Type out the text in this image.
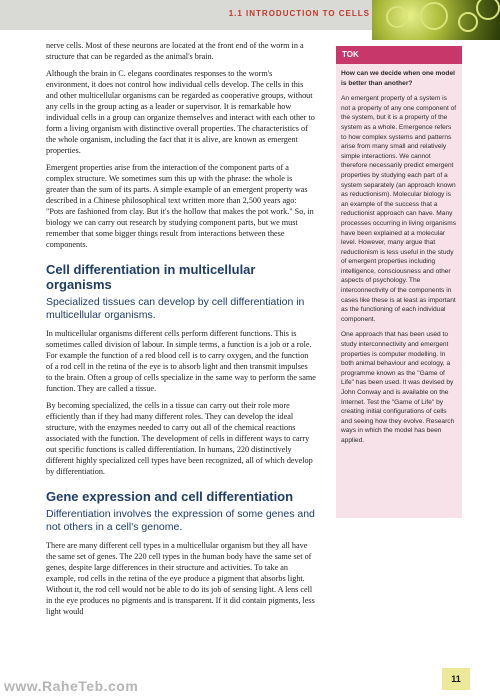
1.1 INTRODUCTION TO CELLS

nerve cells. Most of these neurons are located at the front end of the worm in a structure that can be regarded as the animal's brain.

Although the brain in C. elegans coordinates responses to the worm's environment, it does not control how individual cells develop. The cells in this and other multicellular organisms can be regarded as cooperative groups, without any cells in the group acting as a leader or supervisor. It is remarkable how individual cells in a group can organize themselves and interact with each other to form a living organism with distinctive overall properties. The characteristics of the whole organism, including the fact that it is alive, are known as emergent properties.

Emergent properties arise from the interaction of the component parts of a complex structure. We sometimes sum this up with the phrase: the whole is greater than the sum of its parts. A simple example of an emergent property was described in a Chinese philosophical text written more than 2,500 years ago: "Pots are fashioned from clay. But it's the hollow that makes the pot work." So, in biology we can carry out research by studying component parts, but we must remember that some bigger things result from interactions between these components.

Cell differentiation in multicellular organisms
Specialized tissues can develop by cell differentiation in multicellular organisms.

In multicellular organisms different cells perform different functions. This is sometimes called division of labour. In simple terms, a function is a job or a role. For example the function of a red blood cell is to carry oxygen, and the function of a rod cell in the retina of the eye is to absorb light and then transmit impulses to the brain. Often a group of cells specialize in the same way to perform the same function. They are called a tissue.

By becoming specialized, the cells in a tissue can carry out their role more efficiently than if they had many different roles. They can develop the ideal structure, with the enzymes needed to carry out all of the chemical reactions associated with the function. The development of cells in different ways to carry out specific functions is called differentiation. In humans, 220 distinctively different highly specialized cell types have been recognized, all of which develop by differentiation.

Gene expression and cell differentiation
Differentiation involves the expression of some genes and not others in a cell's genome.

There are many different cell types in a multicellular organism but they all have the same set of genes. The 220 cell types in the human body have the same set of genes, despite large differences in their structure and activities. To take an example, rod cells in the retina of the eye produce a pigment that absorbs light. Without it, the rod cell would not be able to do its job of sensing light. A lens cell in the eye produces no pigments and is transparent. If it did contain pigments, less light would

TOK

How can we decide when one model is better than another?

An emergent property of a system is not a property of any one component of the system, but it is a property of the system as a whole. Emergence refers to how complex systems and patterns arise from many small and relatively simple interactions. We cannot therefore necessarily predict emergent properties by studying each part of a system separately (an approach known as reductionism). Molecular biology is an example of the success that a reductionist approach can have. Many processes occurring in living organisms have been explained at a molecular level. However, many argue that reductionism is less useful in the study of emergent properties including intelligence, consciousness and other aspects of psychology. The interconnectivity of the components in cases like these is at least as important as the functioning of each individual component.

One approach that has been used to study interconnectivity and emergent properties is computer modelling. In both animal behaviour and ecology, a programme known as the "Game of Life" has been used. It was devised by John Conway and is available on the Internet. Test the "Game of Life" by creating initial configurations of cells and seeing how they evolve. Research ways in which the model has been applied.

www.RaheTeb.com	11
